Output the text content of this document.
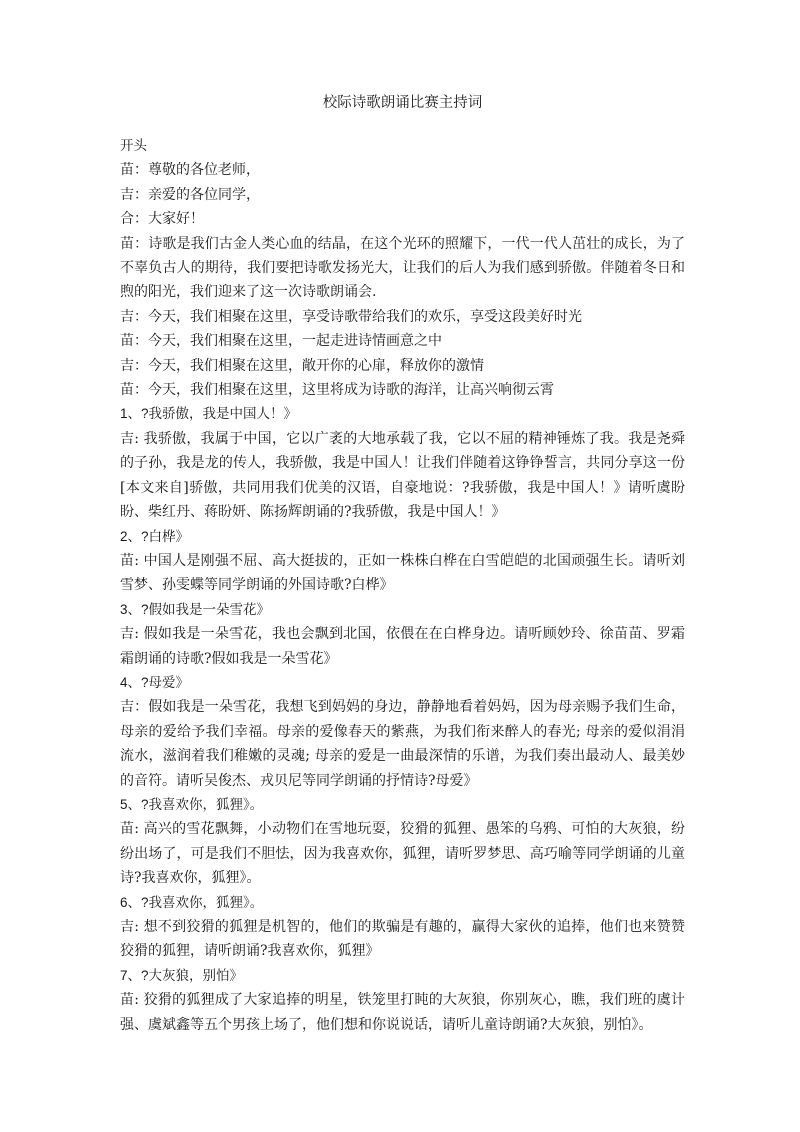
校际诗歌朗诵比赛主持词

开头

苗：尊敬的各位老师，

吉：亲爱的各位同学，

合：大家好！

苗：诗歌是我们古金人类心血的结晶，在这个光环的照耀下，一代一代人茁壮的成长，为了不辜负古人的期待，我们要把诗歌发扬光大，让我们的后人为我们感到骄傲。伴随着冬日和煦的阳光，我们迎来了这一次诗歌朗诵会.

吉：今天，我们相聚在这里，享受诗歌带给我们的欢乐，享受这段美好时光

苗：今天，我们相聚在这里，一起走进诗情画意之中

吉：今天，我们相聚在这里，敞开你的心扉，释放你的激情

苗：今天，我们相聚在这里，这里将成为诗歌的海洋，让高兴响彻云霄

1、?我骄傲，我是中国人！》

吉: 我骄傲，我属于中国，它以广袤的大地承载了我，它以不屈的精神锤炼了我。我是尧舜的子孙，我是龙的传人，我骄傲，我是中国人！让我们伴随着这铮铮誓言，共同分享这一份[本文来自]骄傲，共同用我们优美的汉语，自豪地说：?我骄傲，我是中国人！》请听虞盼盼、柴红丹、蒋盼妍、陈扬辉朗诵的?我骄傲，我是中国人！》

2、?白桦》

苗: 中国人是刚强不屈、高大挺拔的，正如一株株白桦在白雪皑皑的北国顽强生长。请听刘雪梦、孙雯蝶等同学朗诵的外国诗歌?白桦》

3、?假如我是一朵雪花》

吉: 假如我是一朵雪花，我也会飘到北国，依偎在在白桦身边。请听顾妙玲、徐苗苗、罗霜霜朗诵的诗歌?假如我是一朵雪花》

4、?母爱》

吉：假如我是一朵雪花，我想飞到妈妈的身边，静静地看着妈妈，因为母亲赐予我们生命，母亲的爱给予我们幸福。母亲的爱像春天的紫燕，为我们衔来醉人的春光; 母亲的爱似涓涓流水，滋润着我们稚嫩的灵魂; 母亲的爱是一曲最深情的乐谱，为我们奏出最动人、最美妙的音符。请听吴俊杰、戎贝尼等同学朗诵的抒情诗?母爱》

5、?我喜欢你，狐狸》。

苗: 高兴的雪花飘舞，小动物们在雪地玩耍，狡猾的狐狸、愚笨的乌鸦、可怕的大灰狼，纷纷出场了，可是我们不胆怯，因为我喜欢你，狐狸，请听罗梦思、高巧喻等同学朗诵的儿童诗?我喜欢你，狐狸》。

6、?我喜欢你，狐狸》。

吉: 想不到狡猾的狐狸是机智的，他们的欺骗是有趣的，赢得大家伙的追捧，他们也来赞赞狡猾的狐狸，请听朗诵?我喜欢你，狐狸》

7、?大灰狼，别怕》

苗: 狡猾的狐狸成了大家追捧的明星，铁笼里打盹的大灰狼，你别灰心，瞧，我们班的虞计强、虞斌鑫等五个男孩上场了，他们想和你说说话，请听儿童诗朗诵?大灰狼，别怕》。
